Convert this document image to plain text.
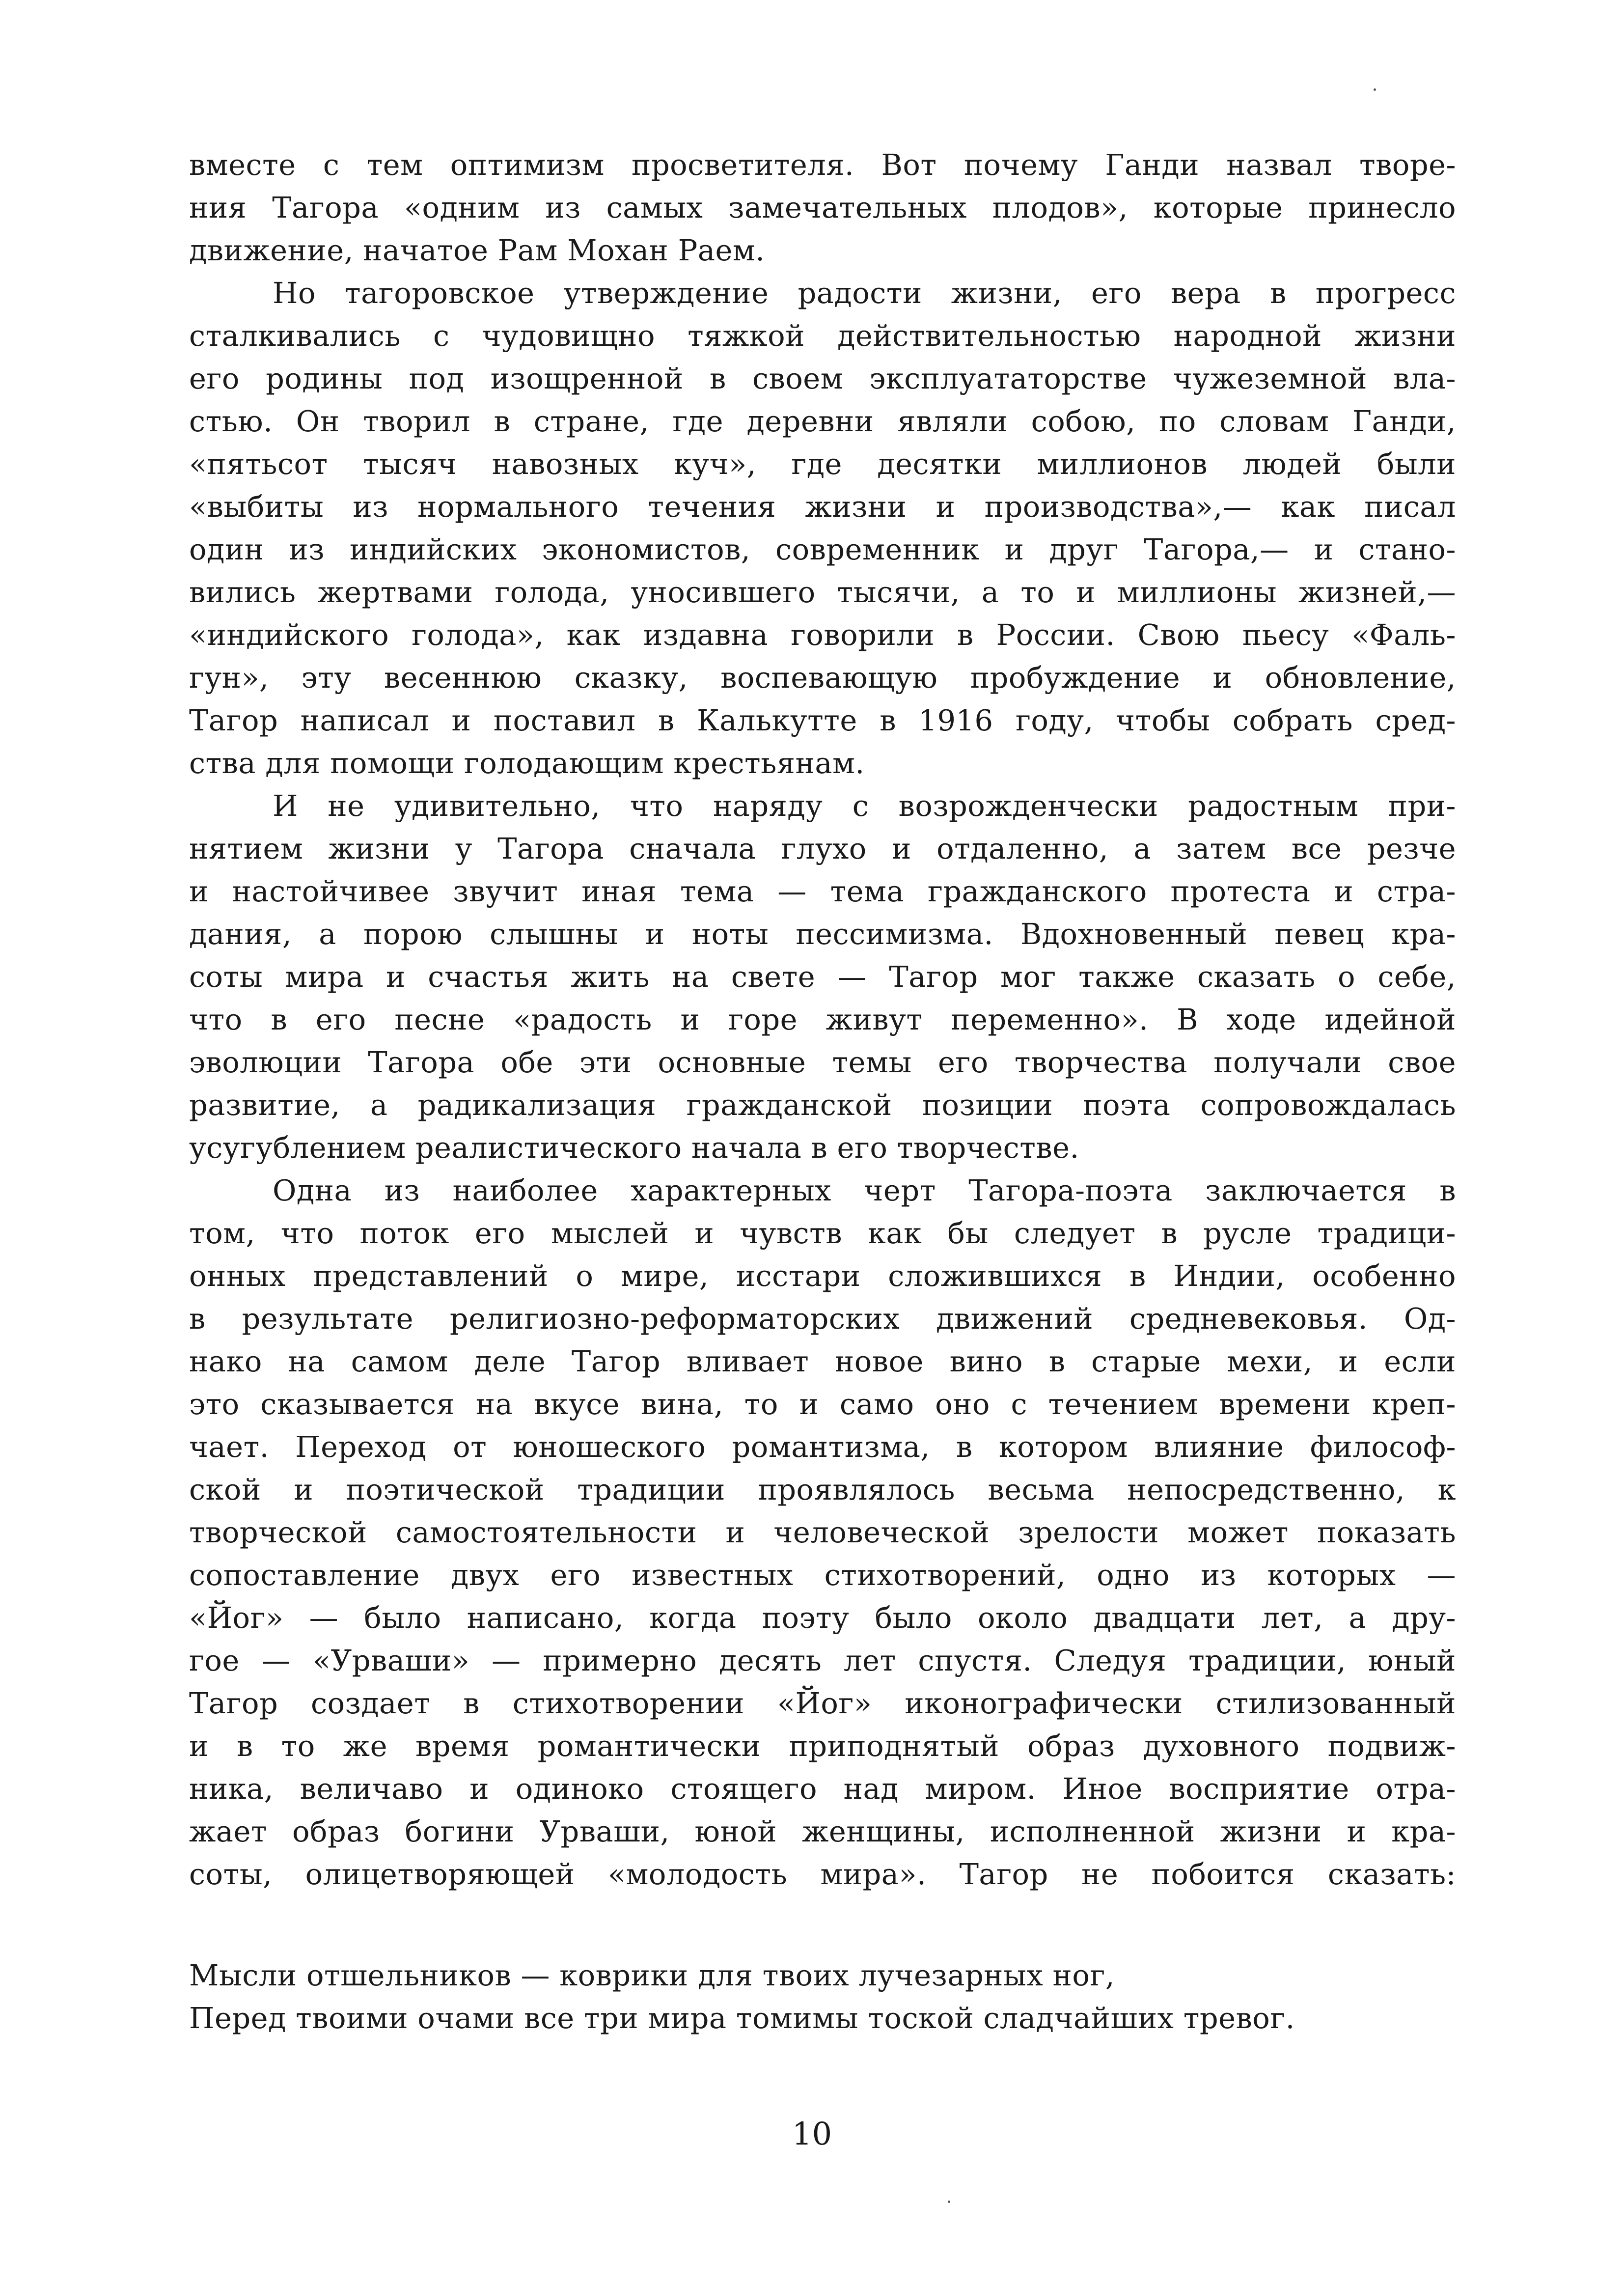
вместе с тем оптимизм просветителя. Вот почему Ганди назвал творе-
ния Тагора «одним из самых замечательных плодов», которые принесло
движение, начатое Рам Мохан Раем.
Но тагоровское утверждение радости жизни, его вера в прогресс
сталкивались с чудовищно тяжкой действительностью народной жизни
его родины под изощренной в своем эксплуататорстве чужеземной вла-
стью. Он творил в стране, где деревни являли собою, по словам Ганди,
«пятьсот тысяч навозных куч», где десятки миллионов людей были
«выбиты из нормального течения жизни и производства»,— как писал
один из индийских экономистов, современник и друг Тагора,— и стано-
вились жертвами голода, уносившего тысячи, а то и миллионы жизней,—
«индийского голода», как издавна говорили в России. Свою пьесу «Фаль-
гун», эту весеннюю сказку, воспевающую пробуждение и обновление,
Тагор написал и поставил в Калькутте в 1916 году, чтобы собрать сред-
ства для помощи голодающим крестьянам.
И не удивительно, что наряду с возрожденчески радостным при-
нятием жизни у Тагора сначала глухо и отдаленно, а затем все резче
и настойчивее звучит иная тема — тема гражданского протеста и стра-
дания, а порою слышны и ноты пессимизма. Вдохновенный певец кра-
соты мира и счастья жить на свете — Тагор мог также сказать о себе,
что в его песне «радость и горе живут переменно». В ходе идейной
эволюции Тагора обе эти основные темы его творчества получали свое
развитие, а радикализация гражданской позиции поэта сопровождалась
усугублением реалистического начала в его творчестве.
Одна из наиболее характерных черт Тагора-поэта заключается в
том, что поток его мыслей и чувств как бы следует в русле традици-
онных представлений о мире, исстари сложившихся в Индии, особенно
в результате религиозно-реформаторских движений средневековья. Од-
нако на самом деле Тагор вливает новое вино в старые мехи, и если
это сказывается на вкусе вина, то и само оно с течением времени креп-
чает. Переход от юношеского романтизма, в котором влияние философ-
ской и поэтической традиции проявлялось весьма непосредственно, к
творческой самостоятельности и человеческой зрелости может показать
сопоставление двух его известных стихотворений, одно из которых —
«Йог» — было написано, когда поэту было около двадцати лет, а дру-
гое — «Урваши» — примерно десять лет спустя. Следуя традиции, юный
Тагор создает в стихотворении «Йог» иконографически стилизованный
и в то же время романтически приподнятый образ духовного подвиж-
ника, величаво и одиноко стоящего над миром. Иное восприятие отра-
жает образ богини Урваши, юной женщины, исполненной жизни и кра-
соты, олицетворяющей «молодость мира». Тагор не побоится сказать:
Мысли отшельников — коврики для твоих лучезарных ног,
Перед твоими очами все три мира томимы тоской сладчайших тревог.
10
